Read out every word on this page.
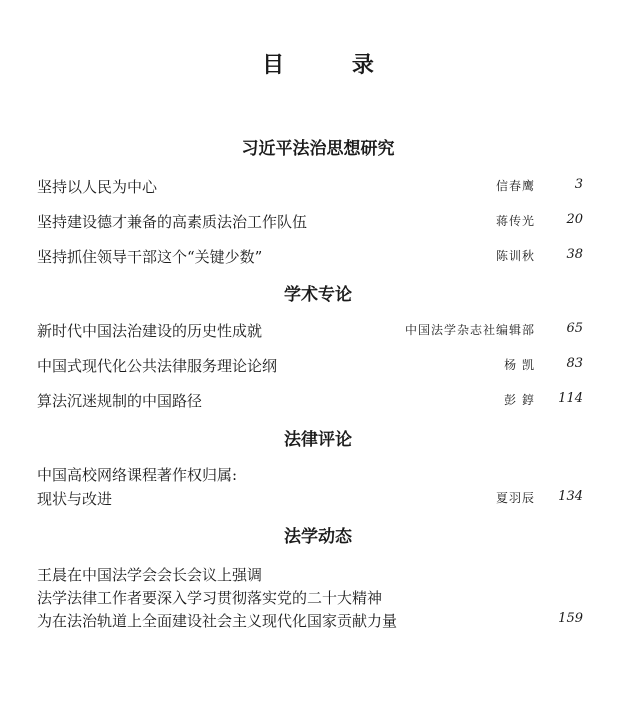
目 录
习近平法治思想研究
坚持以人民为中心	信春鹰	3
坚持建设德才兼备的高素质法治工作队伍	蒋传光 20
坚持抓住领导干部这个“关键少数”	陈训秋 38
学术专论
新时代中国法治建设的历史性成就	中国法学杂志社编辑部 65
中国式现代化公共法律服务理论论纲	杨 凯 83
算法沉迷规制的中国路径	彭 錞 114
法律评论
中国高校网络课程著作权归属:
现状与改进	夏羽辰 134
法学动态
王晨在中国法学会会长会议上强调
法学法律工作者要深入学习贯彻落实党的二十大精神
为在法治轨道上全面建设社会主义现代化国家贡献力量	159
